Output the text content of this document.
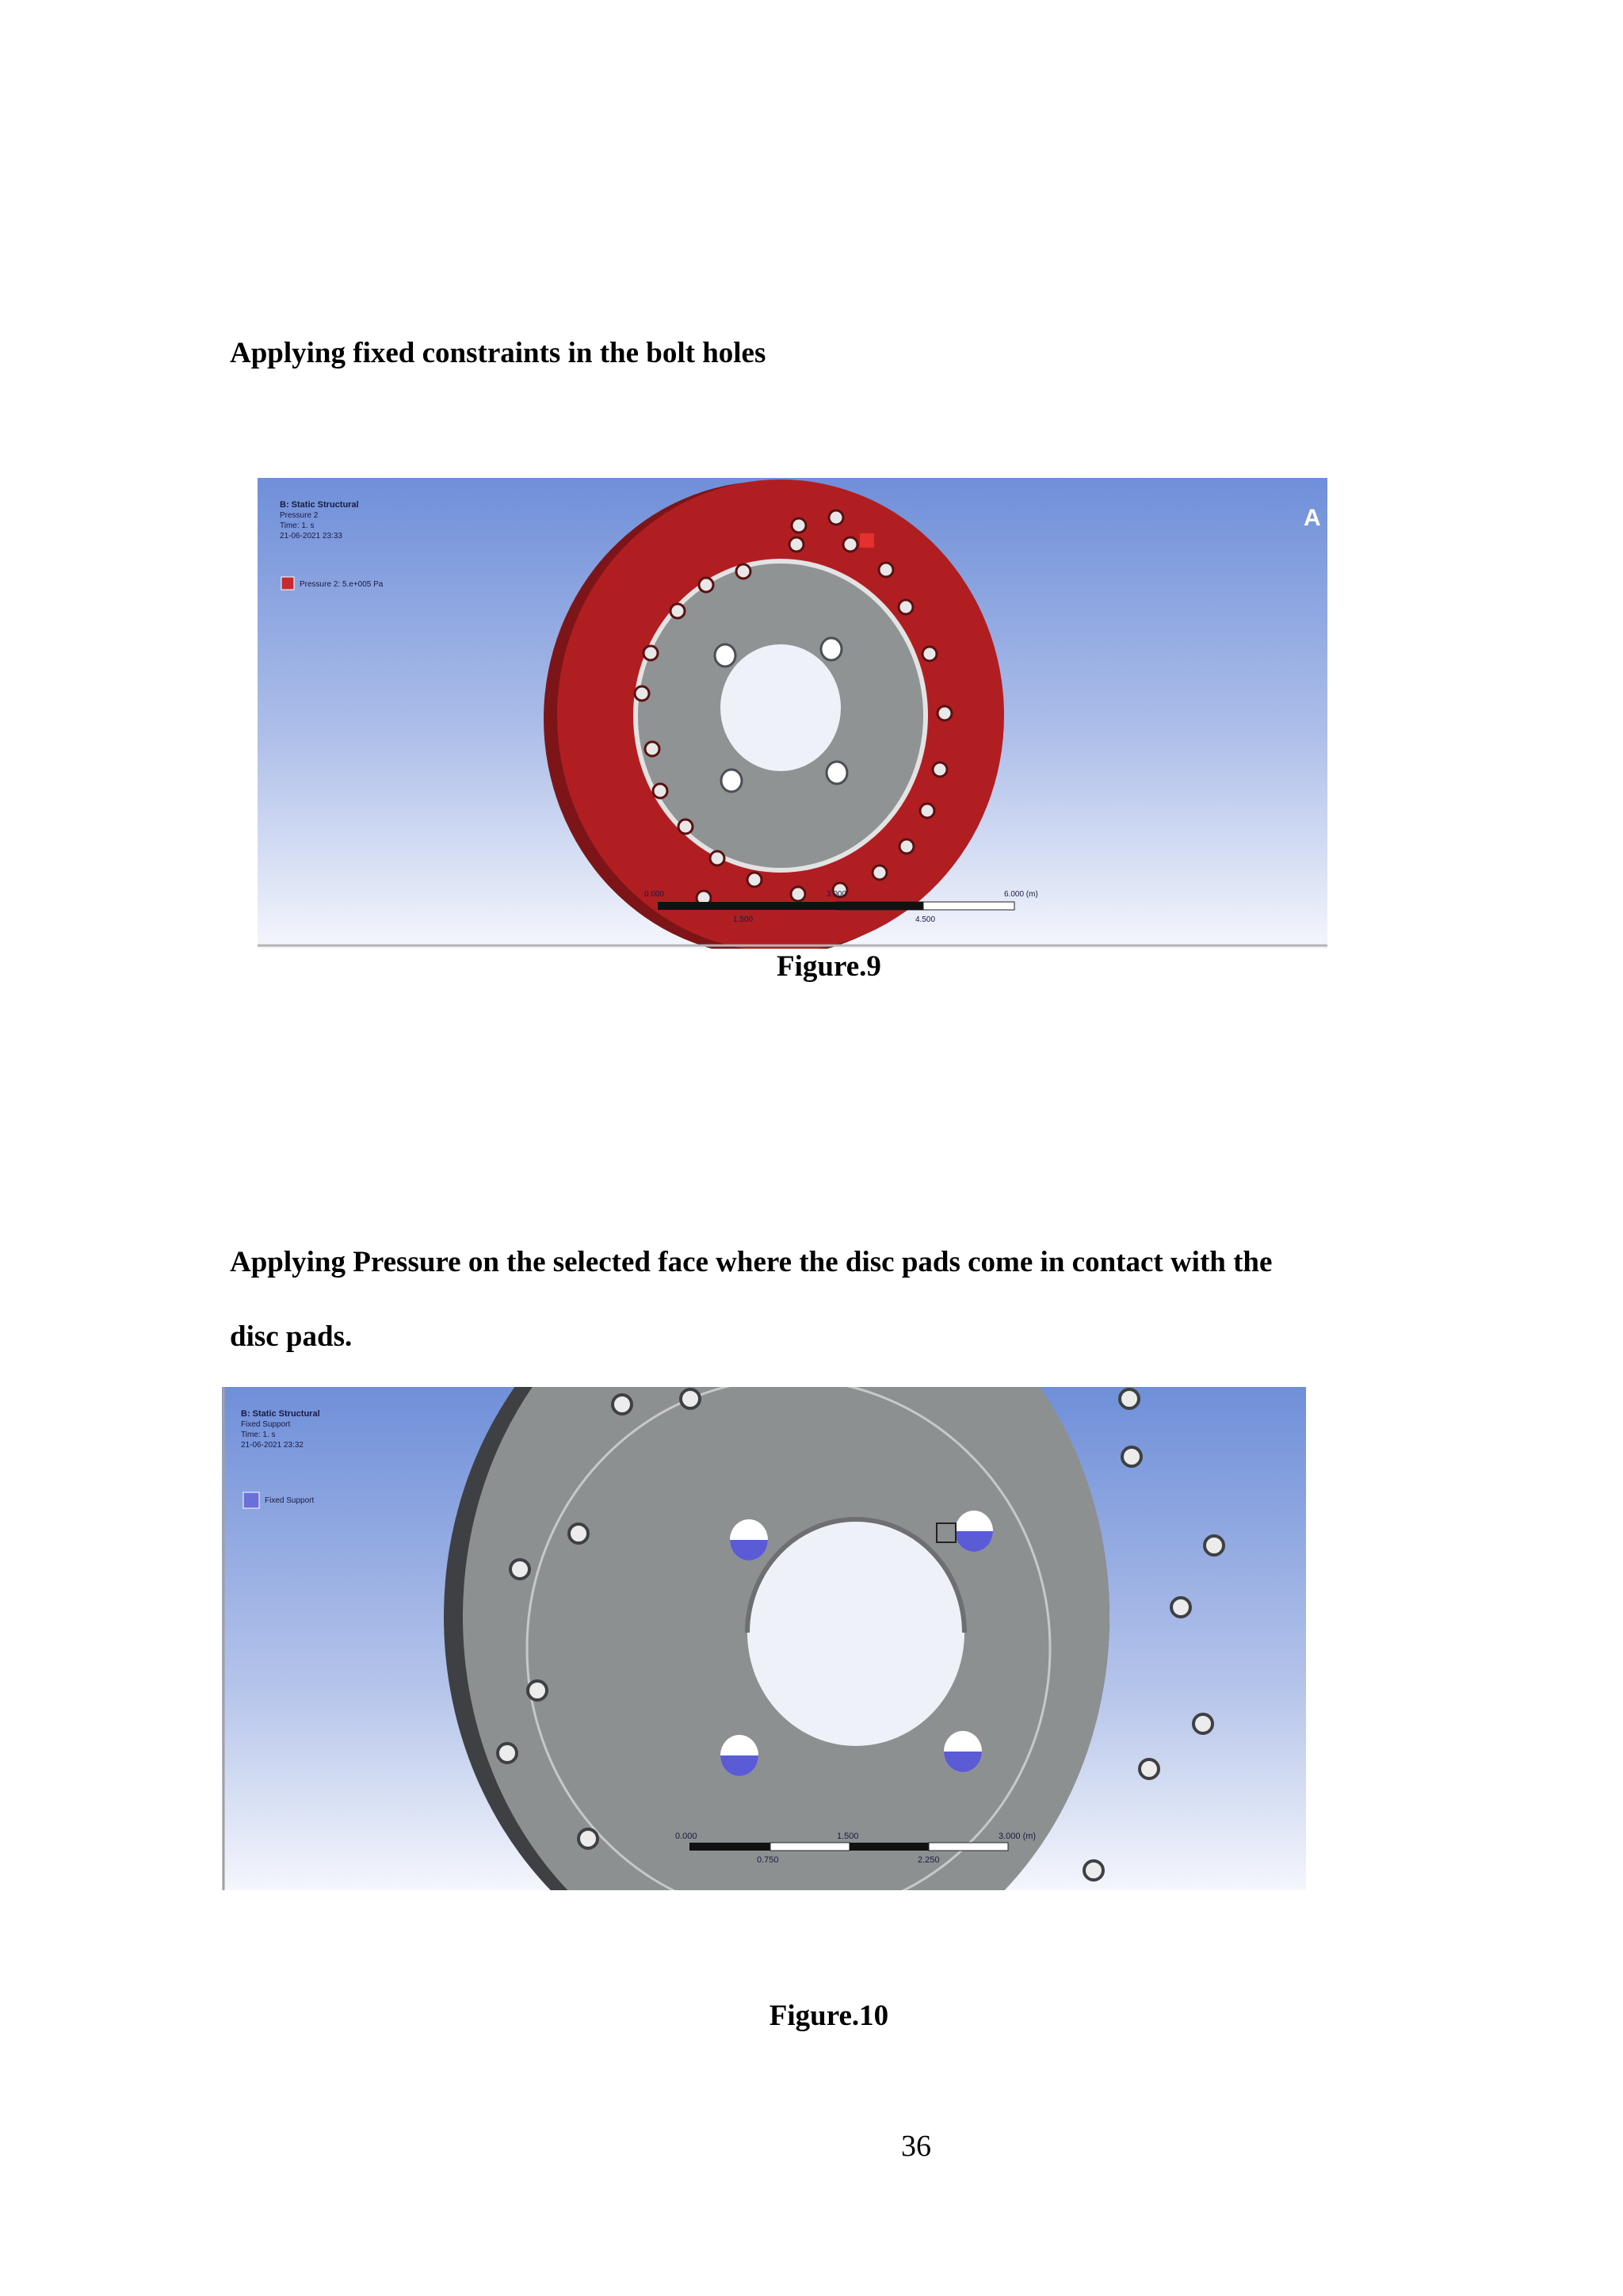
Applying fixed constraints in the bolt holes

B: Static Structural
Pressure 2
Time: 1. s
21-06-2021 23:33
Pressure 2: 5.e+005 Pa
A
0.000	3.000	6.000 (m)
1.500	4.500

Figure.9

Applying Pressure on the selected face where the disc pads come in contact with the

disc pads.

B: Static Structural
Fixed Support
Time: 1. s
21-06-2021 23:32
Fixed Support
0.000	1.500	3.000 (m)
0.750	2.250

Figure.10

36
